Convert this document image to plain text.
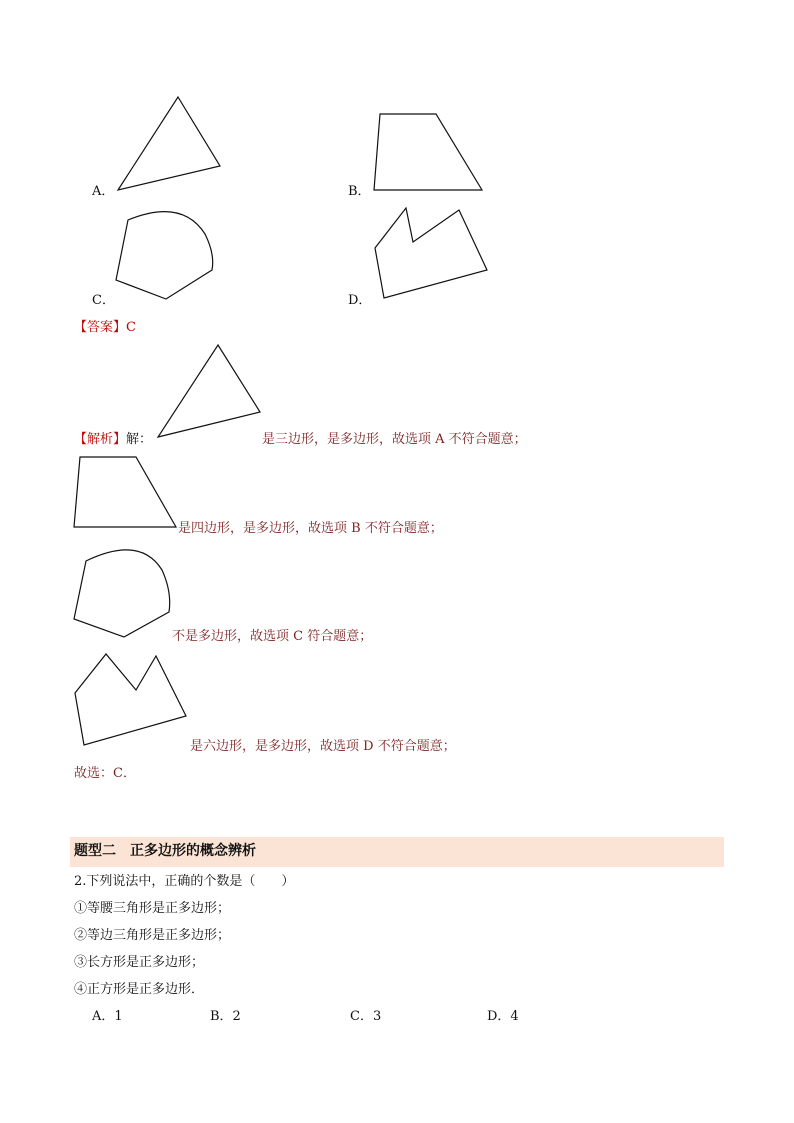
A．	B．
C．	D．
【答案】C
【解析】解：	是三边形，是多边形，故选项 A 不符合题意；
是四边形，是多边形，故选项 B 不符合题意；
不是多边形，故选项 C 符合题意；
是六边形，是多边形，故选项 D 不符合题意；
故选：C．
题型二　正多边形的概念辨析
2.下列说法中，正确的个数是（　　）
①等腰三角形是正多边形；
②等边三角形是正多边形；
③长方形是正多边形；
④正方形是正多边形．
A．1	B．2	C．3	D．4
